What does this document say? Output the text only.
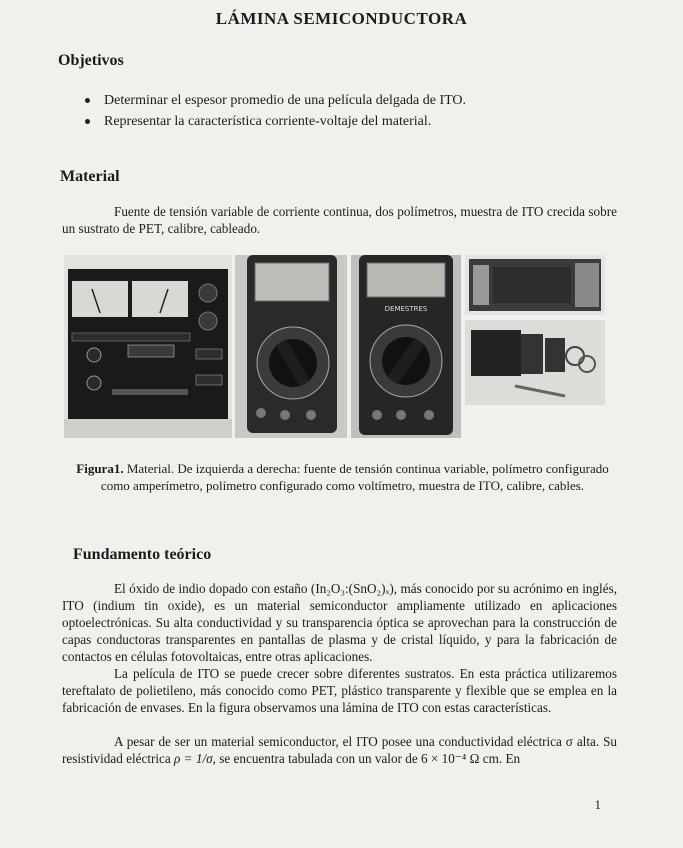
LÁMINA SEMICONDUCTORA
Objetivos
Determinar el espesor promedio de una película delgada de ITO.
Representar la característica corriente-voltaje del material.
Material
Fuente de tensión variable de corriente continua, dos polímetros, muestra de ITO crecida sobre un sustrato de PET, calibre, cableado.
DEMESTRES
Figura1. Material. De izquierda a derecha: fuente de tensión continua variable, polímetro configurado como amperímetro, polímetro configurado como voltímetro, muestra de ITO, calibre, cables.
Fundamento teórico
El óxido de indio dopado con estaño (In₂O₃:(SnO₂)ₓ), más conocido por su acrónimo en inglés, ITO (indium tin oxide), es un material semiconductor ampliamente utilizado en aplicaciones optoelectrónicas. Su alta conductividad y su transparencia óptica se aprovechan para la construcción de capas conductoras transparentes en pantallas de plasma y de cristal líquido, y para la fabricación de contactos en células fotovoltaicas, entre otras aplicaciones.
La película de ITO se puede crecer sobre diferentes sustratos. En esta práctica utilizaremos tereftalato de polietileno, más conocido como PET, plástico transparente y flexible que se emplea en la fabricación de envases. En la figura observamos una lámina de ITO con estas características.
A pesar de ser un material semiconductor, el ITO posee una conductividad eléctrica σ alta. Su resistividad eléctrica ρ = 1/σ, se encuentra tabulada con un valor de 6 × 10⁻⁴ Ω cm. En
1
